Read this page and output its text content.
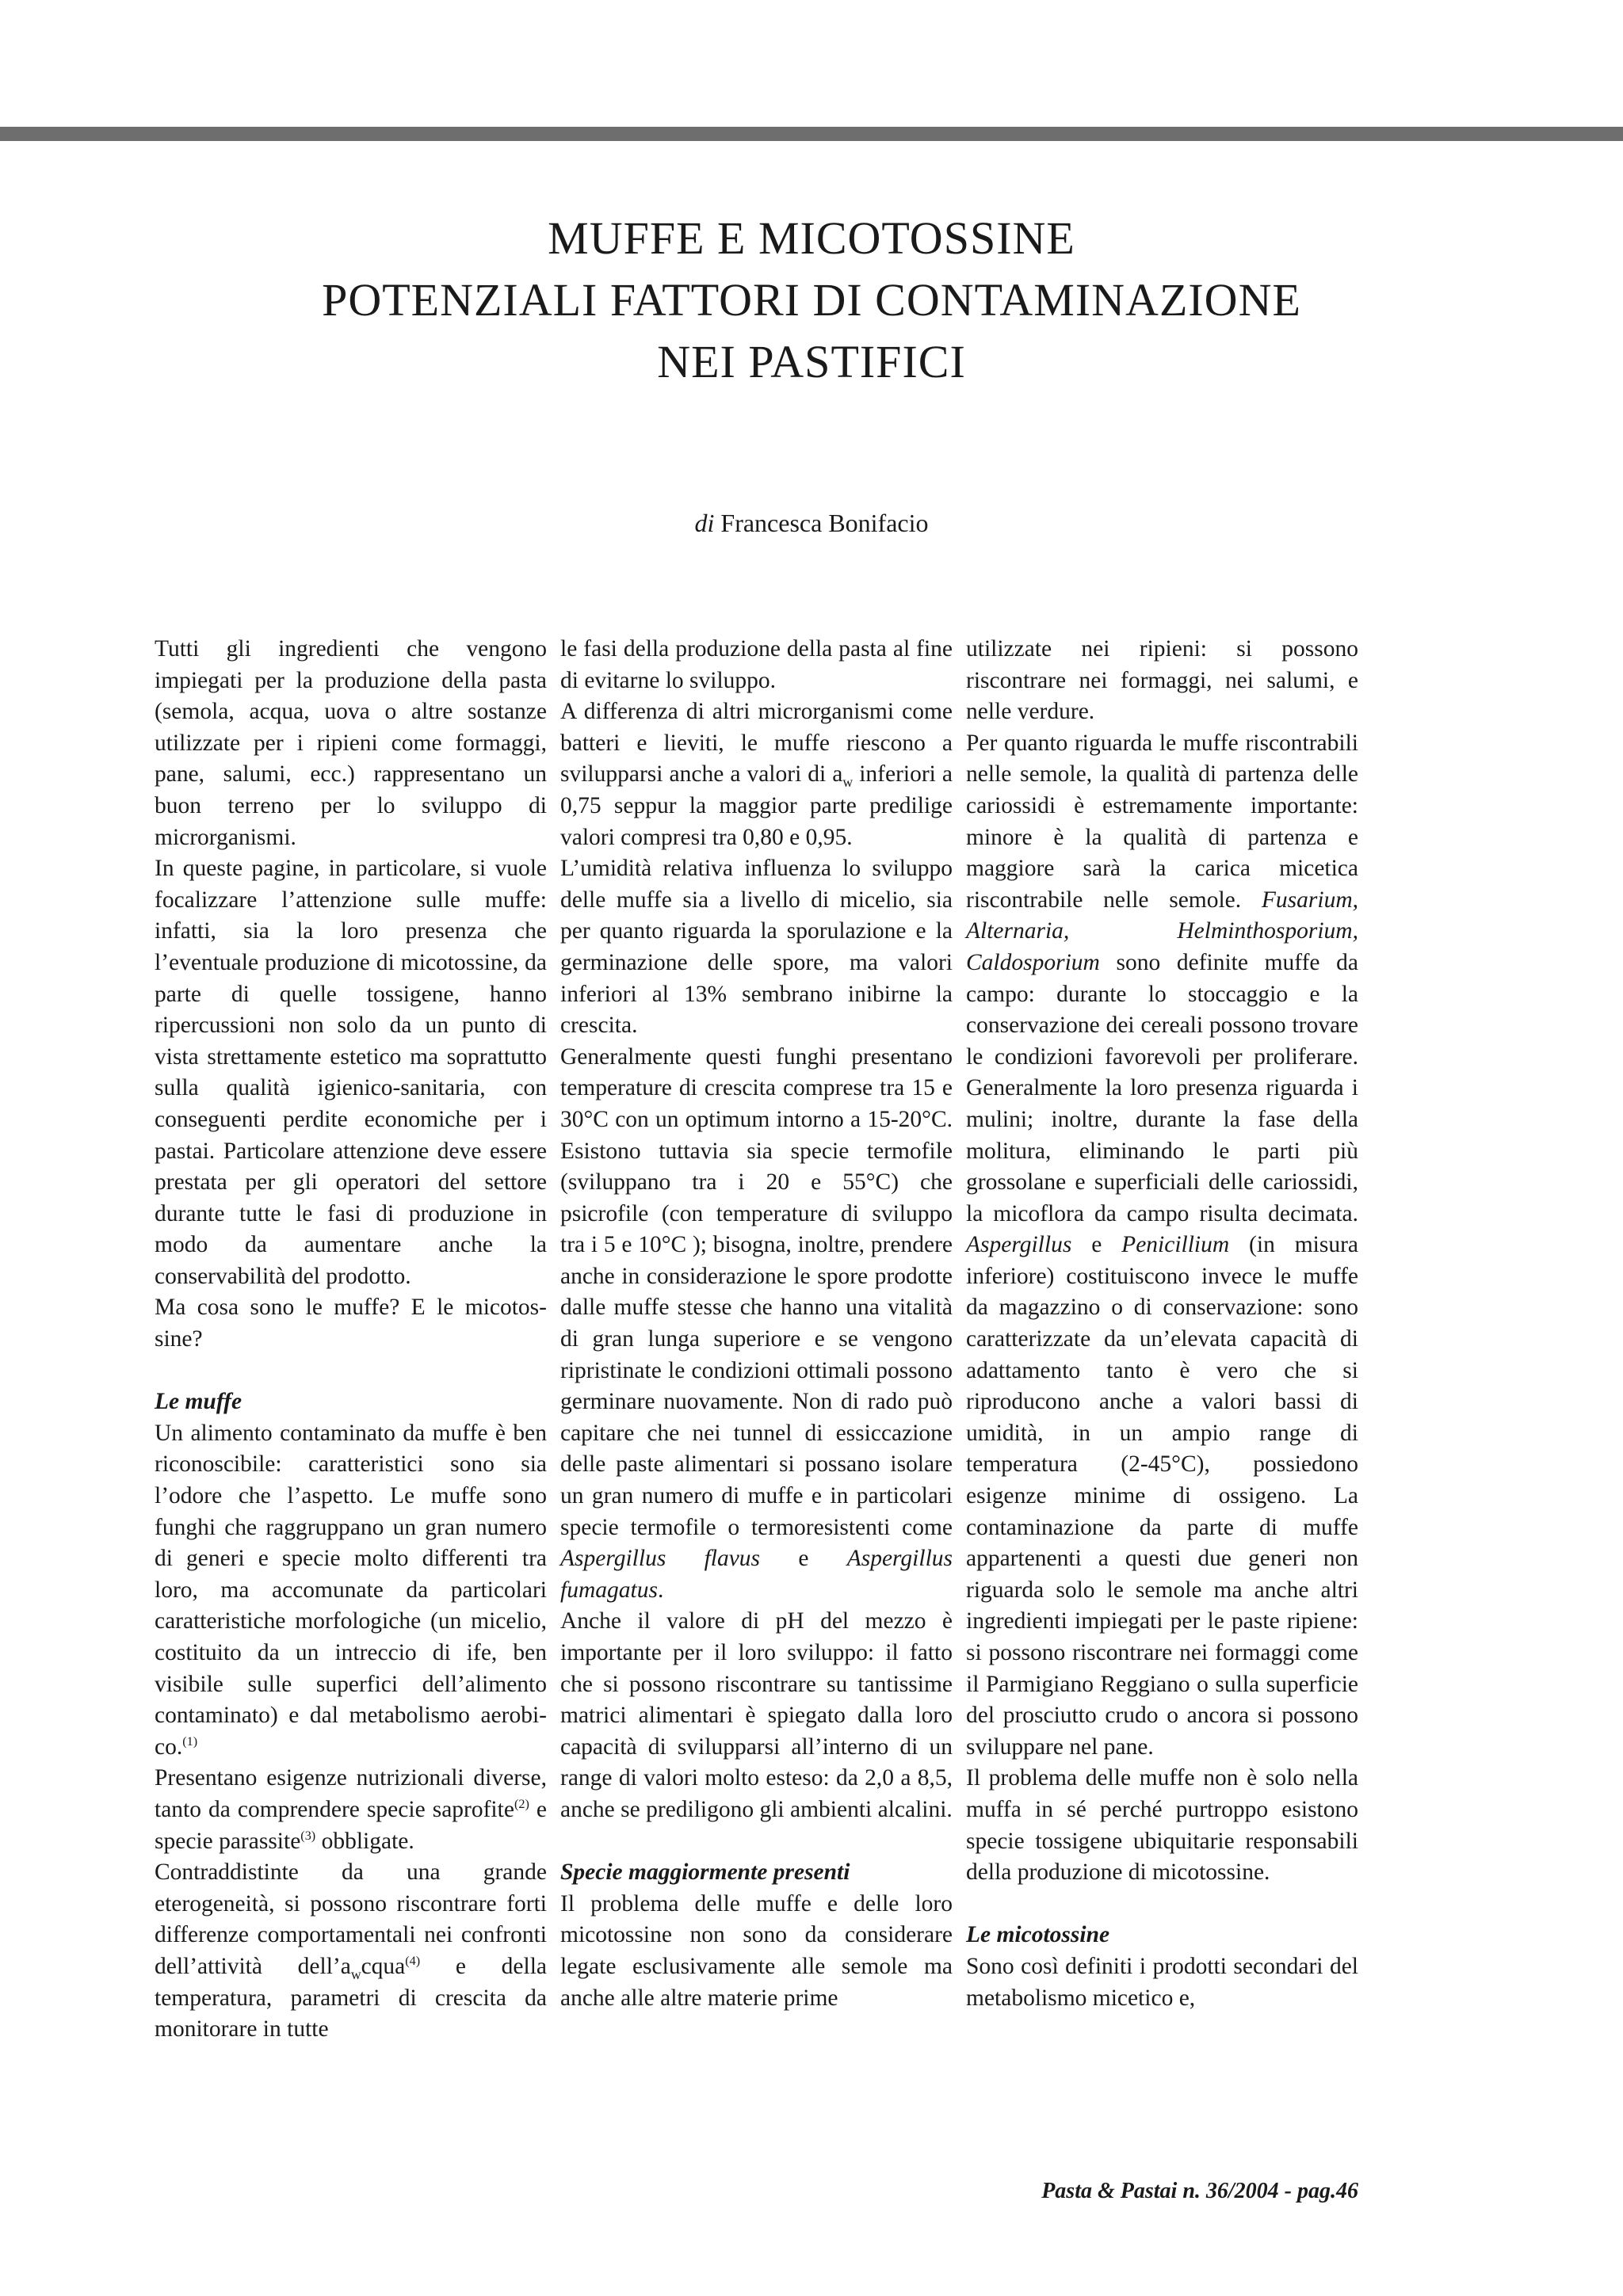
MUFFE E MICOTOSSINE
POTENZIALI FATTORI DI CONTAMINAZIONE
NEI PASTIFICI
di Francesca Bonifacio

Tutti gli ingredienti che vengono impiegati per la produzione della pasta (semola, acqua, uova o altre sostanze utilizzate per i ripieni come formaggi, pane, salumi, ecc.) rappresentano un buon terreno per lo sviluppo di microrganismi.

In queste pagine, in particolare, si vuole focalizzare l’attenzione sulle muffe: infatti, sia la loro presenza che l’eventuale produzione di micotossine, da parte di quelle tossigene, hanno ripercussioni non solo da un punto di vista strettamente estetico ma soprattutto sulla qualità igienico-sanitaria, con conseguenti perdite economiche per i pastai. Particolare attenzione deve essere prestata per gli operatori del settore durante tutte le fasi di produzione in modo da aumentare anche la conservabilità del prodotto.

Ma cosa sono le muffe? E le micotossine?

Le muffe

Un alimento contaminato da muffe è ben riconoscibile: caratteristici sono sia l’odore che l’aspetto. Le muffe sono funghi che raggruppano un gran numero di generi e specie molto differenti tra loro, ma accomunate da particolari caratteristiche morfologiche (un micelio, costituito da un intreccio di ife, ben visibile sulle superfici dell’alimento contaminato) e dal metabolismo aerobico.$^{(1)}$

Presentano esigenze nutrizionali diverse, tanto da comprendere specie saprofite$^{(2)}$ e specie parassite$^{(3)}$ obbligate.

Contraddistinte da una grande eterogeneità, si possono riscontrare forti differenze comportamentali nei confronti dell’attività $dell’a_wcqua^{(4)}$ e della temperatura, parametri di crescita da monitorare in tutte

le fasi della produzione della pasta al fine di evitarne lo sviluppo.

A differenza di altri microrganismi come batteri e lieviti, le muffe riescono a svilupparsi anche a valori di $a_w$ inferiori a 0,75 seppur la maggior parte predilige valori compresi tra 0,80 e 0,95.

L’umidità relativa influenza lo sviluppo delle muffe sia a livello di micelio, sia per quanto riguarda la sporulazione e la germinazione delle spore, ma valori inferiori al 13% sembrano inibirne la crescita.

Generalmente questi funghi presentano temperature di crescita comprese tra 15 e 30°C con un optimum intorno a 15-20°C. Esistono tuttavia sia specie termofile (sviluppano tra i 20 e 55°C) che psicrofile (con temperature di sviluppo tra i 5 e 10°C ); bisogna, inoltre, prendere anche in considerazione le spore prodotte dalle muffe stesse che hanno una vitalità di gran lunga superiore e se vengono ripristinate le condizioni ottimali possono germinare nuovamente. Non di rado può capitare che nei tunnel di essiccazione delle paste alimentari si possano isolare un gran numero di muffe e in particolari specie termofile o termoresistenti come Aspergillus flavus e Aspergillus fumagatus.

Anche il valore di pH del mezzo è importante per il loro sviluppo: il fatto che si possono riscontrare su tantissime matrici alimentari è spiegato dalla loro capacità di svilupparsi all’interno di un range di valori molto esteso: da 2,0 a 8,5, anche se prediligono gli ambienti alcalini.

Specie maggiormente presenti

Il problema delle muffe e delle loro micotossine non sono da considerare legate esclusivamente alle semole ma anche alle altre materie prime

utilizzate nei ripieni: si possono riscontrare nei formaggi, nei salumi, e nelle verdure.

Per quanto riguarda le muffe riscontrabili nelle semole, la qualità di partenza delle cariossidi è estremamente importante: minore è la qualità di partenza e maggiore sarà la carica micetica riscontrabile nelle semole. Fusarium, Alternaria, Helminthosporium, Caldosporium sono definite muffe da campo: durante lo stoccaggio e la conservazione dei cereali possono trovare le condizioni favorevoli per proliferare. Generalmente la loro presenza riguarda i mulini; inoltre, durante la fase della molitura, eliminando le parti più grossolane e superficiali delle cariossidi, la micoflora da campo risulta decimata. Aspergillus e Penicillium (in misura inferiore) costituiscono invece le muffe da magazzino o di conservazione: sono caratterizzate da un’elevata capacità di adattamento tanto è vero che si riproducono anche a valori bassi di umidità, in un ampio range di temperatura (2-45°C), possiedono esigenze minime di ossigeno. La contaminazione da parte di muffe appartenenti a questi due generi non riguarda solo le semole ma anche altri ingredienti impiegati per le paste ripiene: si possono riscontrare nei formaggi come il Parmigiano Reggiano o sulla superficie del prosciutto crudo o ancora si possono sviluppare nel pane.

Il problema delle muffe non è solo nella muffa in sé perché purtroppo esistono specie tossigene ubiquitarie responsabili della produzione di micotossine.

Le micotossine

Sono così definiti i prodotti secondari del metabolismo micetico e,

Pasta & Pastai n. 36/2004 - pag.46
